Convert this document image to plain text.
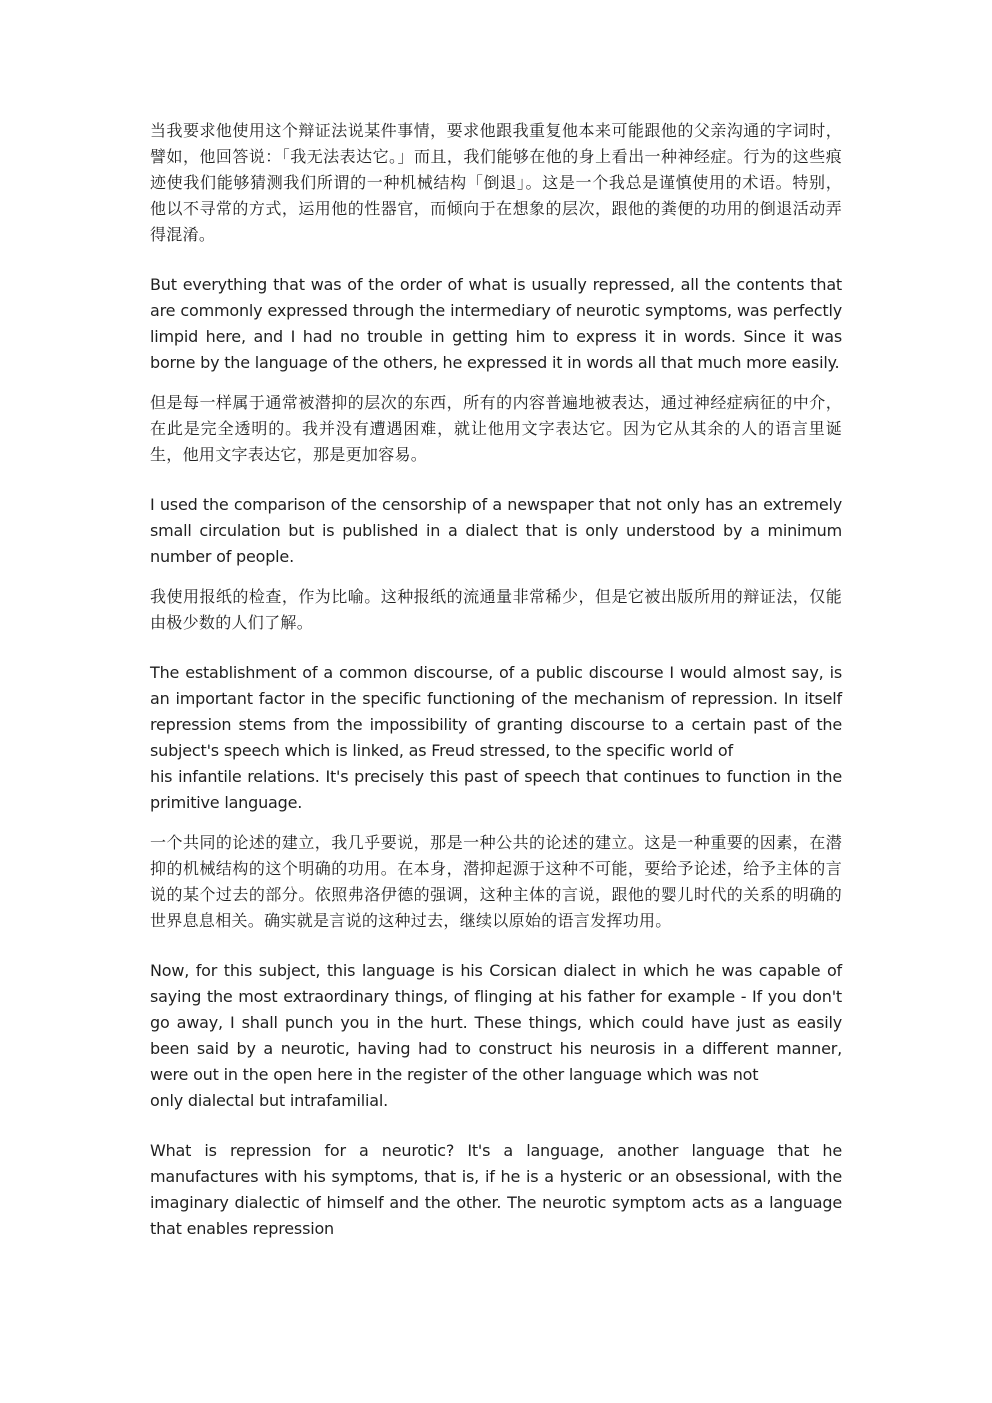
当我要求他使用这个辩证法说某件事情，要求他跟我重复他本来可能跟他的父亲沟通的字词时，譬如，他回答说：「我无法表达它。」而且，我们能够在他的身上看出一种神经症。行为的这些痕迹使我们能够猜测我们所谓的一种机械结构「倒退」。这是一个我总是谨慎使用的术语。特别，他以不寻常的方式，运用他的性器官，而倾向于在想象的层次，跟他的粪便的功用的倒退活动弄得混淆。

But everything that was of the order of what is usually repressed, all the contents that are commonly expressed through the intermediary of neurotic symptoms, was perfectly limpid here, and I had no trouble in getting him to express it in words. Since it was borne by the language of the others, he expressed it in words all that much more easily.

但是每一样属于通常被潜抑的层次的东西，所有的内容普遍地被表达，通过神经症病征的中介，在此是完全透明的。我并没有遭遇困难，就让他用文字表达它。因为它从其余的人的语言里诞生，他用文字表达它，那是更加容易。

I used the comparison of the censorship of a newspaper that not only has an extremely small circulation but is published in a dialect that is only understood by a minimum number of people.

我使用报纸的检查，作为比喻。这种报纸的流通量非常稀少，但是它被出版所用的辩证法，仅能由极少数的人们了解。

The establishment of a common discourse, of a public discourse I would almost say, is an important factor in the specific functioning of the mechanism of repression. In itself repression stems from the impossibility of granting discourse to a certain past of the subject's speech which is linked, as Freud stressed, to the specific world of
his infantile relations. It's precisely this past of speech that continues to function in the primitive language.

一个共同的论述的建立，我几乎要说，那是一种公共的论述的建立。这是一种重要的因素，在潜抑的机械结构的这个明确的功用。在本身，潜抑起源于这种不可能，要给予论述，给予主体的言说的某个过去的部分。依照弗洛伊德的强调，这种主体的言说，跟他的婴儿时代的关系的明确的世界息息相关。确实就是言说的这种过去，继续以原始的语言发挥功用。

Now, for this subject, this language is his Corsican dialect in which he was capable of saying the most extraordinary things, of flinging at his father for example - If you don't go away, I shall punch you in the hurt. These things, which could have just as easily been said by a neurotic, having had to construct his neurosis in a different manner, were out in the open here in the register of the other language which was not
only dialectal but intrafamilial.

What is repression for a neurotic? It's a language, another language that he manufactures with his symptoms, that is, if he is a hysteric or an obsessional, with the imaginary dialectic of himself and the other. The neurotic symptom acts as a language that enables repression
